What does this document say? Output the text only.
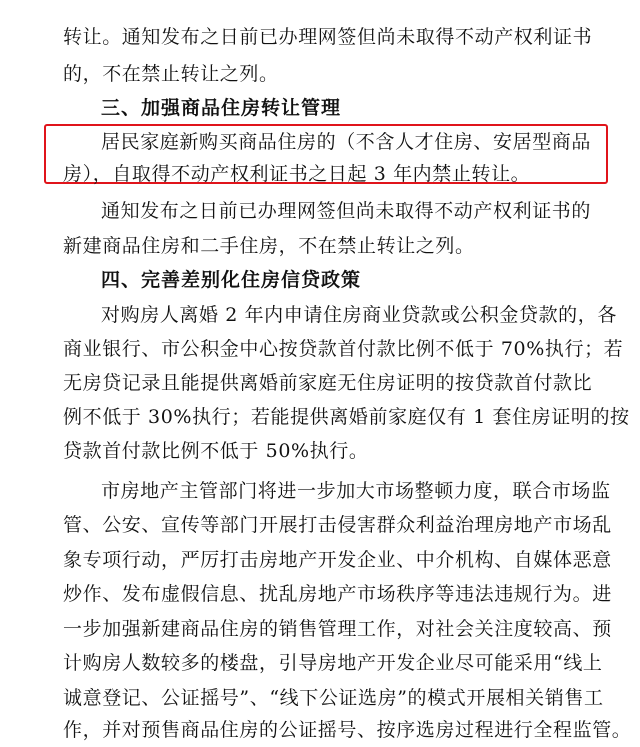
转让。通知发布之日前已办理网签但尚未取得不动产权利证书
的，不在禁止转让之列。
三、加强商品住房转让管理
居民家庭新购买商品住房的（不含人才住房、安居型商品
房），自取得不动产权利证书之日起 3 年内禁止转让。
通知发布之日前已办理网签但尚未取得不动产权利证书的
新建商品住房和二手住房，不在禁止转让之列。
四、完善差别化住房信贷政策
对购房人离婚 2 年内申请住房商业贷款或公积金贷款的，各
商业银行、市公积金中心按贷款首付款比例不低于 70%执行；若
无房贷记录且能提供离婚前家庭无住房证明的按贷款首付款比
例不低于 30%执行；若能提供离婚前家庭仅有 1 套住房证明的按
贷款首付款比例不低于 50%执行。
市房地产主管部门将进一步加大市场整顿力度，联合市场监
管、公安、宣传等部门开展打击侵害群众利益治理房地产市场乱
象专项行动，严厉打击房地产开发企业、中介机构、自媒体恶意
炒作、发布虚假信息、扰乱房地产市场秩序等违法违规行为。进
一步加强新建商品住房的销售管理工作，对社会关注度较高、预
计购房人数较多的楼盘，引导房地产开发企业尽可能采用“线上
诚意登记、公证摇号”、“线下公证选房”的模式开展相关销售工
作，并对预售商品住房的公证摇号、按序选房过程进行全程监管。
